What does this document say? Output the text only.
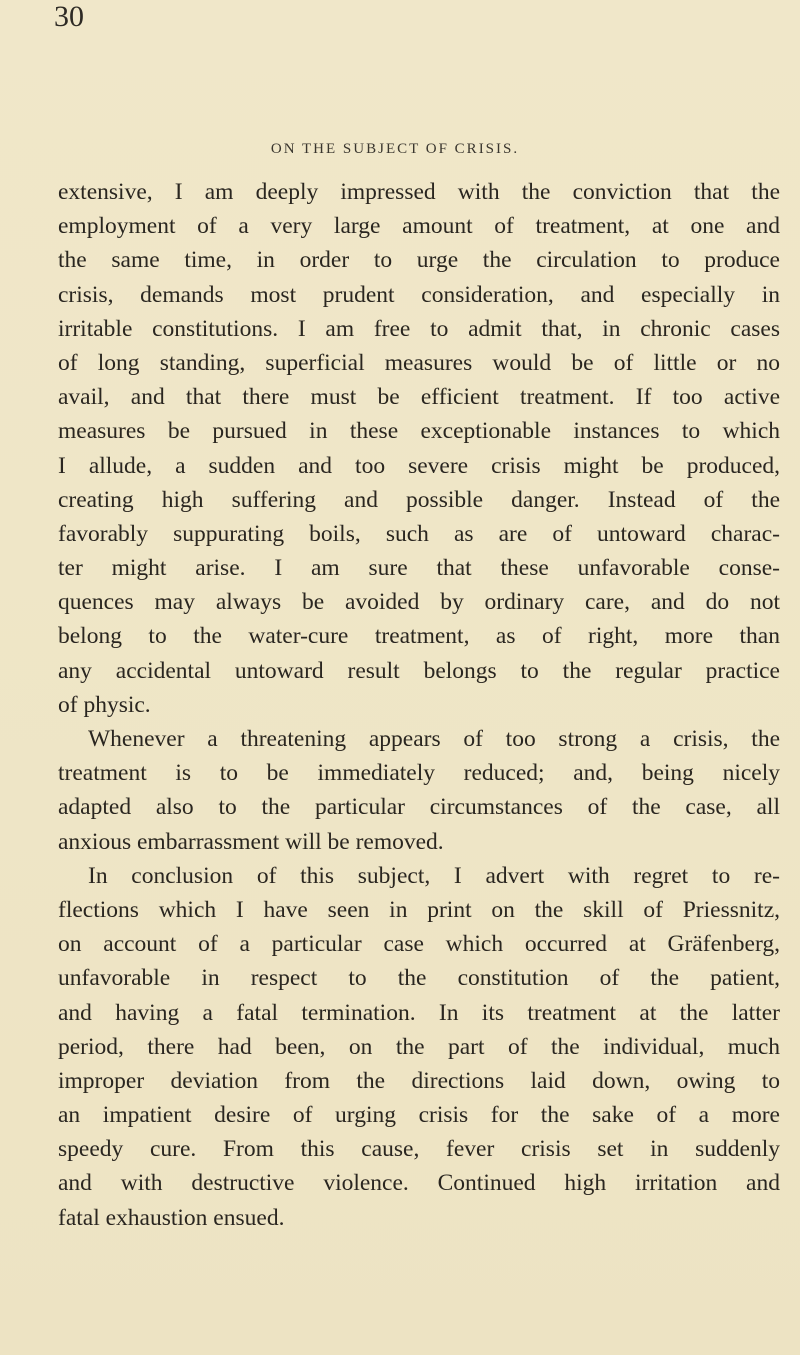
30
ON THE SUBJECT OF CRISIS.
extensive, I am deeply impressed with the conviction that the
employment of a very large amount of treatment, at one and
the same time, in order to urge the circulation to produce
crisis, demands most prudent consideration, and especially in
irritable constitutions. I am free to admit that, in chronic cases
of long standing, superficial measures would be of little or no
avail, and that there must be efficient treatment. If too active
measures be pursued in these exceptionable instances to which
I allude, a sudden and too severe crisis might be produced,
creating high suffering and possible danger. Instead of the
favorably suppurating boils, such as are of untoward charac-
ter might arise. I am sure that these unfavorable conse-
quences may always be avoided by ordinary care, and do not
belong to the water-cure treatment, as of right, more than
any accidental untoward result belongs to the regular practice
of physic.
Whenever a threatening appears of too strong a crisis, the
treatment is to be immediately reduced; and, being nicely
adapted also to the particular circumstances of the case, all
anxious embarrassment will be removed.
In conclusion of this subject, I advert with regret to re-
flections which I have seen in print on the skill of Priessnitz,
on account of a particular case which occurred at Gräfenberg,
unfavorable in respect to the constitution of the patient,
and having a fatal termination. In its treatment at the latter
period, there had been, on the part of the individual, much
improper deviation from the directions laid down, owing to
an impatient desire of urging crisis for the sake of a more
speedy cure. From this cause, fever crisis set in suddenly
and with destructive violence. Continued high irritation and
fatal exhaustion ensued.
